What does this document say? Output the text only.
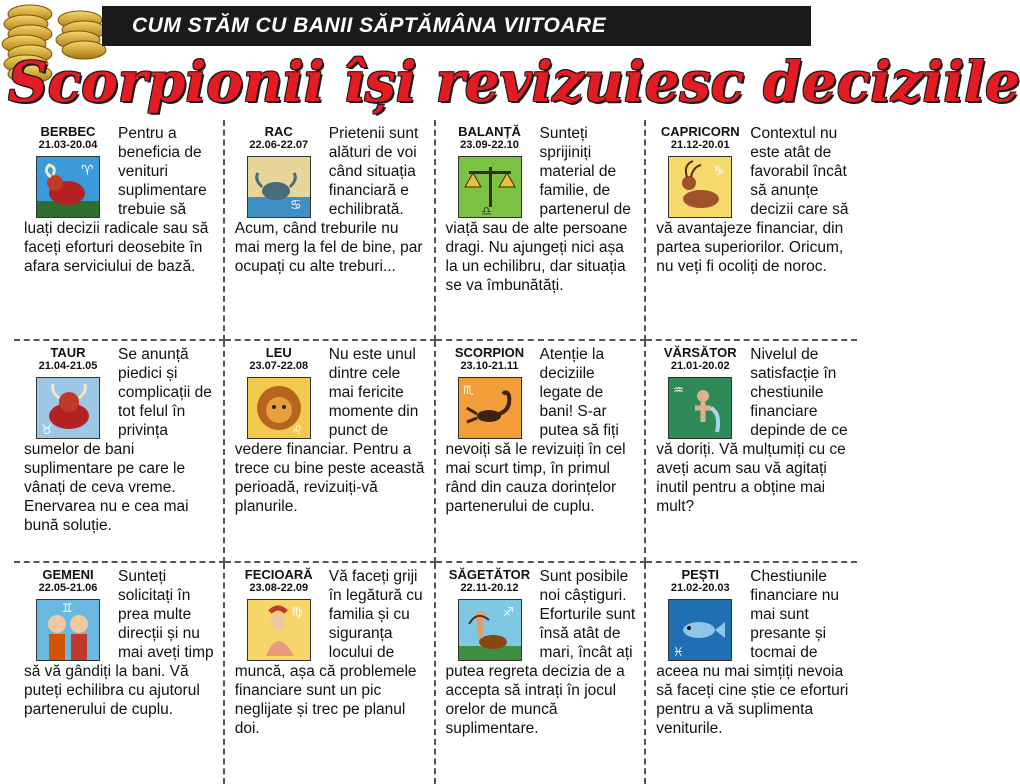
CUM STĂM CU BANII SĂPTĂMÂNA VIITOARE
Scorpionii își revizuiesc deciziile
BERBEC
21.03-20.04
♈
Pentru a beneficia de venituri suplimentare trebuie să luați decizii radicale sau să faceți eforturi deosebite în afara serviciului de bază.
RAC
22.06-22.07
♋
Prietenii sunt alături de voi când situația financiară e echilibrată. Acum, când treburile nu mai merg la fel de bine, par ocupați cu alte treburi...
BALANȚĂ
23.09-22.10
♎
Sunteți sprijiniți material de familie, de partenerul de viață sau de alte persoane dragi. Nu ajungeți nici așa la un echilibru, dar situația se va îmbunătăți.
CAPRICORN
21.12-20.01
♑
Contextul nu este atât de favorabil încât să anunțe decizii care să vă avantajeze financiar, din partea superiorilor. Oricum, nu veți fi ocoliți de noroc.
TAUR
21.04-21.05
♉
Se anunță piedici și complicații de tot felul în privința sumelor de bani suplimentare pe care le vânați de ceva vreme. Enervarea nu e cea mai bună soluție.
LEU
23.07-22.08
♌
Nu este unul dintre cele mai fericite momente din punct de vedere financiar. Pentru a trece cu bine peste această perioadă, revizuiți-vă planurile.
SCORPION
23.10-21.11
♏
Atenție la deciziile legate de bani! S-ar putea să fiți nevoiți să le revizuiți în cel mai scurt timp, în primul rând din cauza dorințelor partenerului de cuplu.
VĂRSĂTOR
21.01-20.02
♒
Nivelul de satisfacție în chestiunile financiare depinde de ce vă doriți. Vă mulțumiți cu ce aveți acum sau vă agitați inutil pentru a obține mai mult?
GEMENI
22.05-21.06
♊
Sunteți solicitați în prea multe direcții și nu mai aveți timp să vă gândiți la bani. Vă puteți echilibra cu ajutorul partenerului de cuplu.
FECIOARĂ
23.08-22.09
♍
Vă faceți griji în legătură cu familia și cu siguranța locului de muncă, așa că problemele financiare sunt un pic neglijate și trec pe planul doi.
SĂGETĂTOR
22.11-20.12
♐
Sunt posibile noi câștiguri. Eforturile sunt însă atât de mari, încât ați putea regreta decizia de a accepta să intrați în jocul orelor de muncă suplimentare.
PEȘTI
21.02-20.03
♓
Chestiunile financiare nu mai sunt presante și tocmai de aceea nu mai simțiți nevoia să faceți cine știe ce eforturi pentru a vă suplimenta veniturile.
